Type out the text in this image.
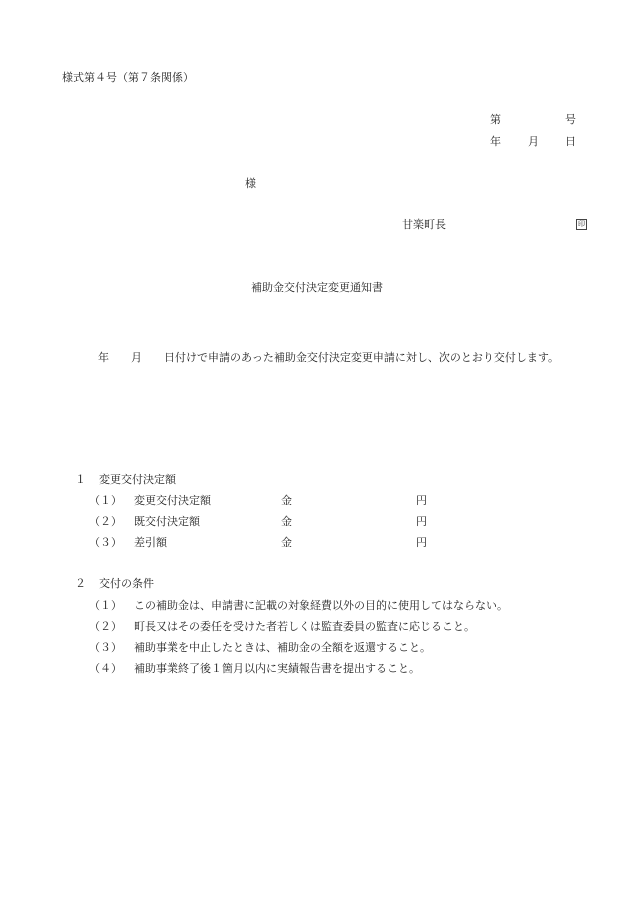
様式第４号（第７条関係）
第	号
年 月 日
様
甘楽町長	印
補助金交付決定変更通知書
年　　月　　日付けで申請のあった補助金交付決定変更申請に対し、次のとおり交付します。
１ 変更交付決定額
（１） 変更交付決定額	金	円
（２） 既交付決定額	金	円
（３） 差引額	金	円
２ 交付の条件
（１） この補助金は、申請書に記載の対象経費以外の目的に使用してはならない。
（２） 町長又はその委任を受けた者若しくは監査委員の監査に応じること。
（３） 補助事業を中止したときは、補助金の全額を返還すること。
（４） 補助事業終了後１箇月以内に実績報告書を提出すること。
